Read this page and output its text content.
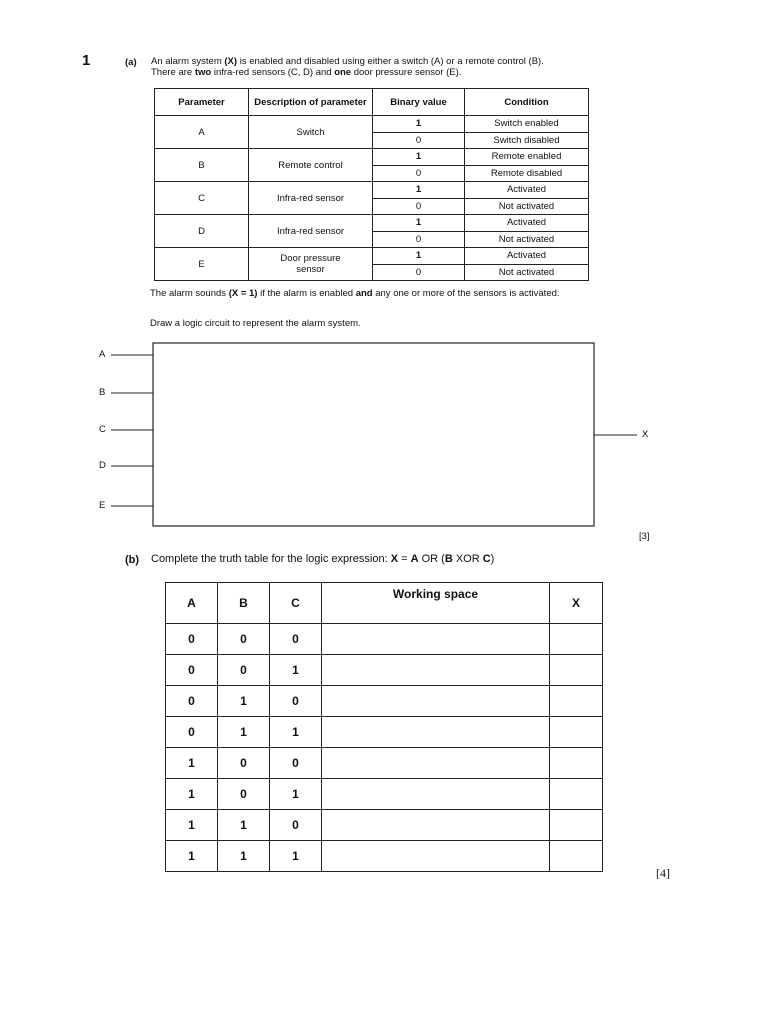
1	(a) An alarm system (X) is enabled and disabled using either a switch (A) or a remote control (B).
There are two infra-red sensors (C, D) and one door pressure sensor (E).
Parameter	Description of parameter	Binary value	Condition
A	Switch	1	Switch enabled
		0	Switch disabled
B	Remote control	1	Remote enabled
		0	Remote disabled
C	Infra-red sensor	1	Activated
		0	Not activated
D	Infra-red sensor	1	Activated
		0	Not activated
E	Door pressure sensor	1	Activated
		0	Not activated
The alarm sounds (X = 1) if the alarm is enabled and any one or more of the sensors is activated.
Draw a logic circuit to represent the alarm system.
A
B
C
D
E
X
[3]
(b) Complete the truth table for the logic expression: X = A OR (B XOR C)
A	B	C	Working space	X
0	0	0		
0	0	1		
0	1	0		
0	1	1		
1	0	0		
1	0	1		
1	1	0		
1	1	1		
[4]
